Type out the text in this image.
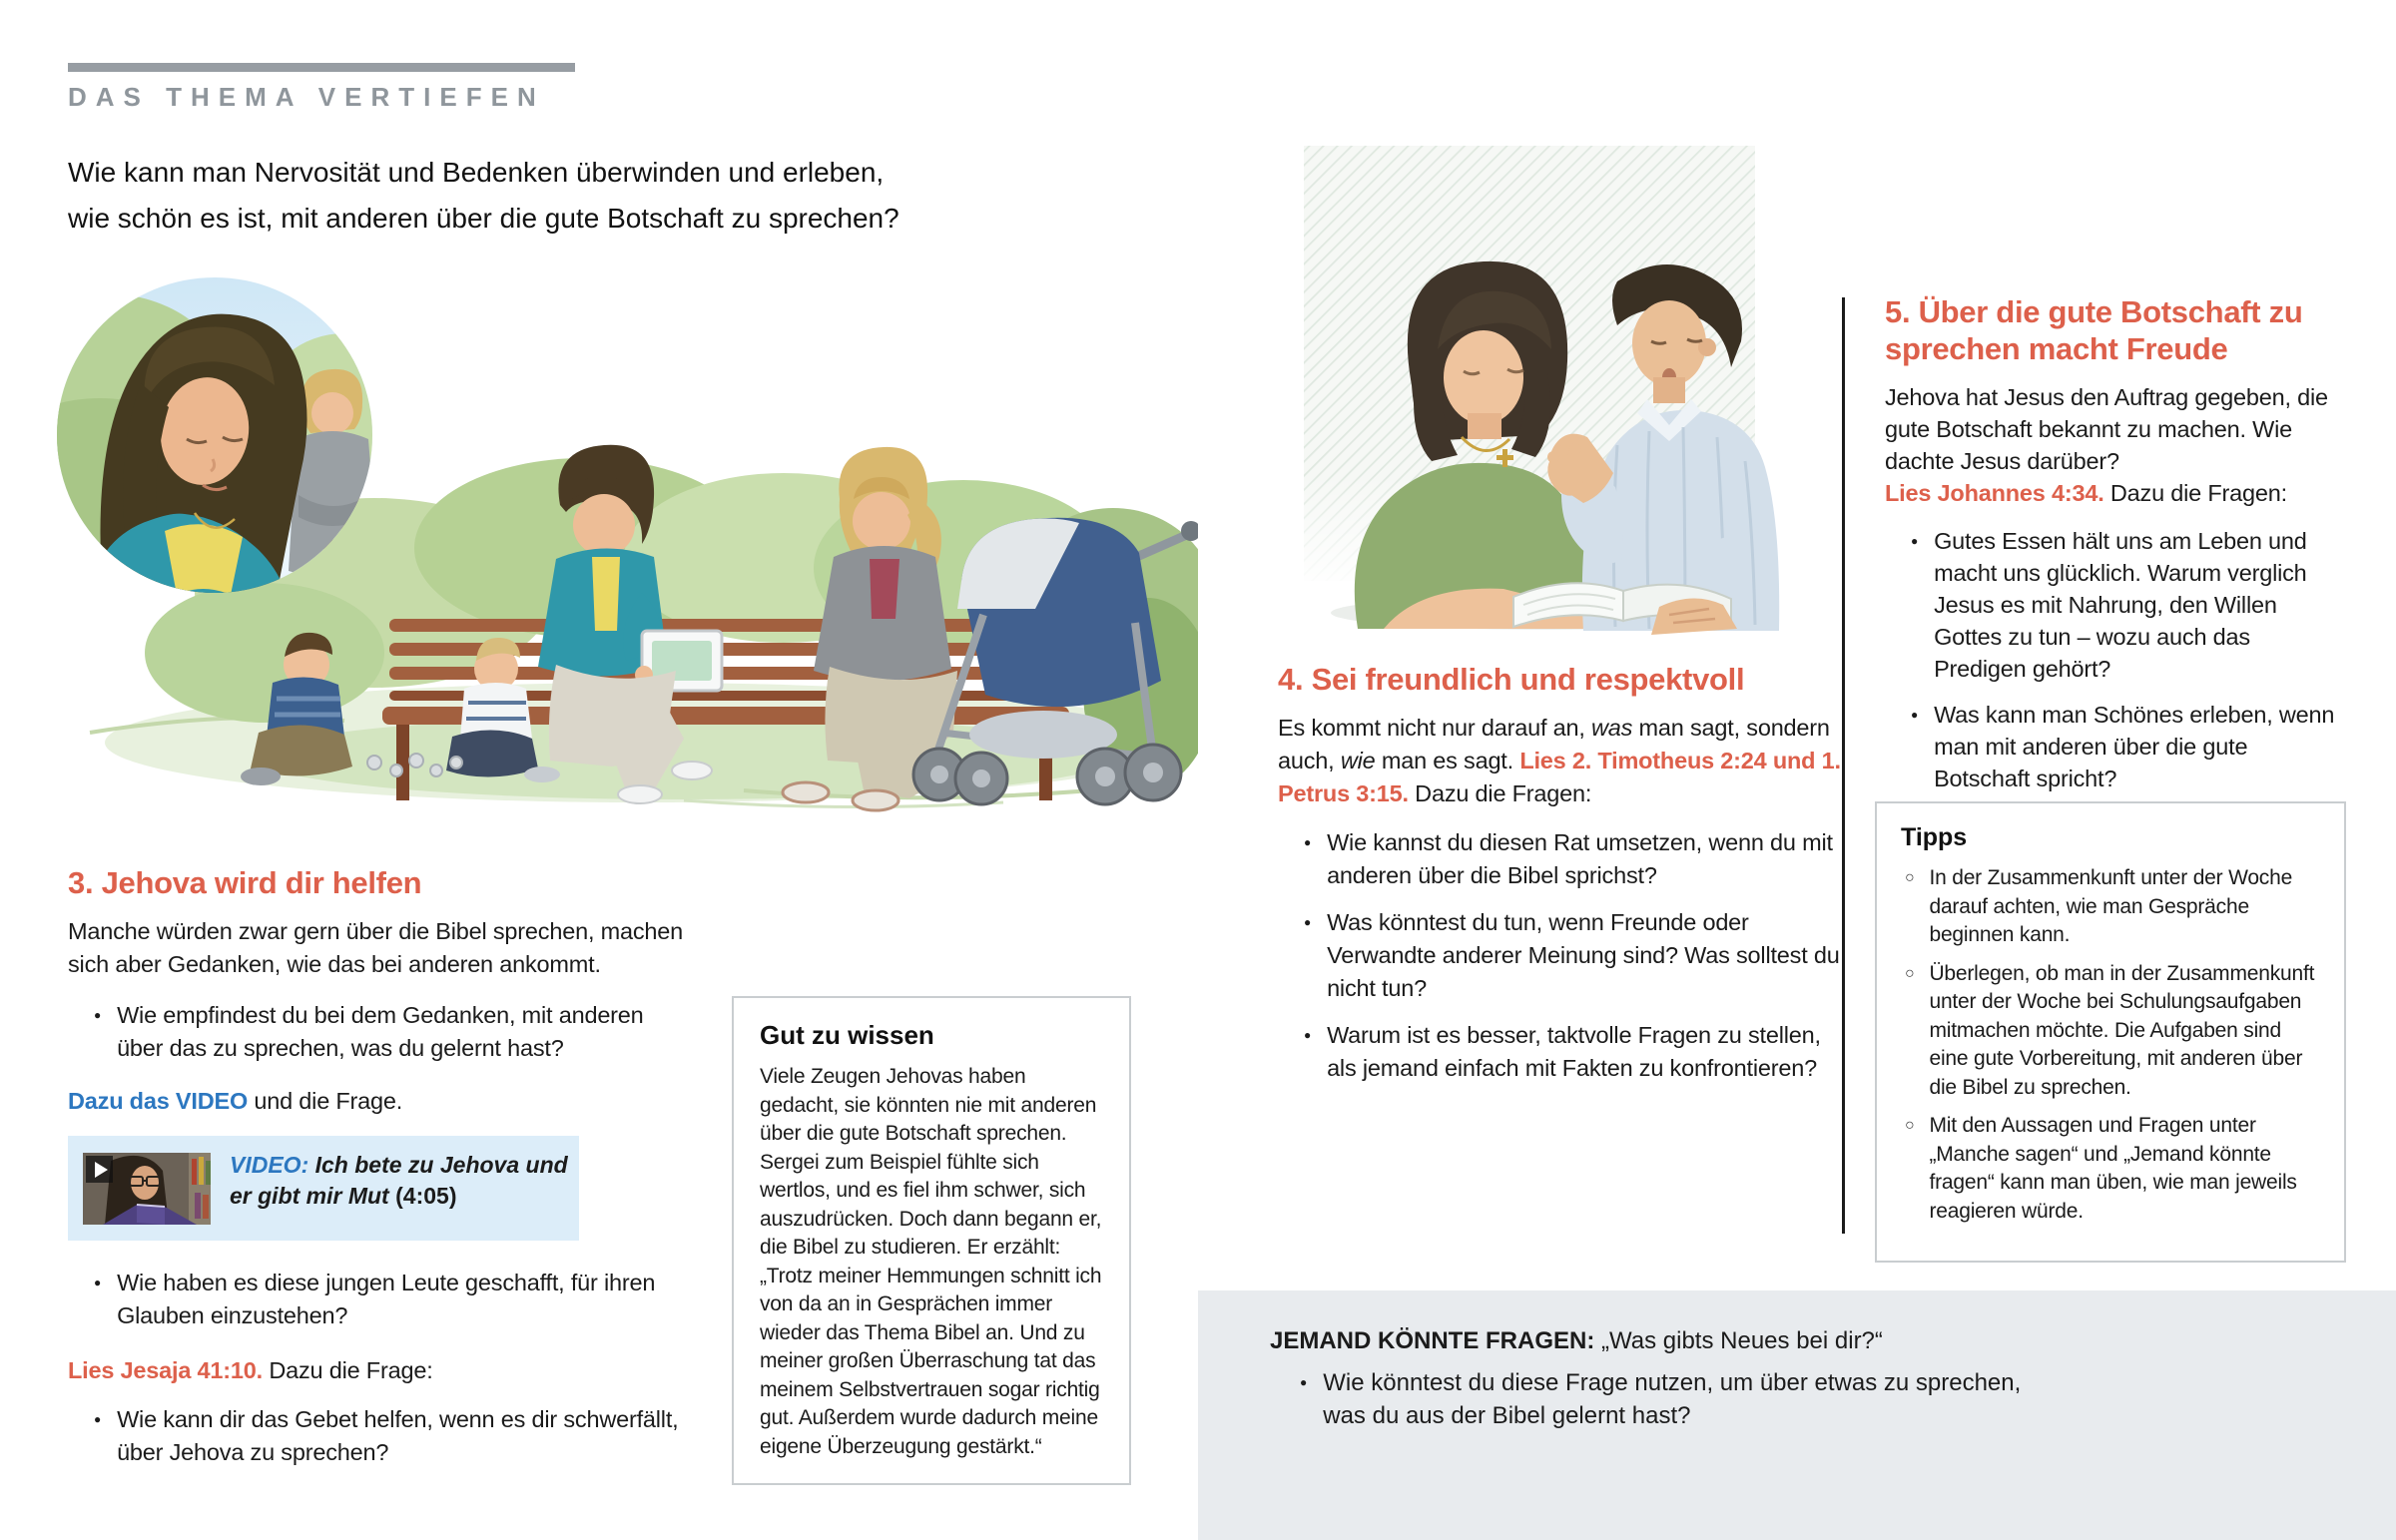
DAS THEMA VERTIEFEN
Wie kann man Nervosität und Bedenken überwinden und erleben,
wie schön es ist, mit anderen über die gute Botschaft zu sprechen?
3. Jehova wird dir helfen

Manche würden zwar gern über die Bibel sprechen, machen sich aber Gedanken, wie das bei anderen ankommt.

● Wie empfindest du bei dem Gedanken, mit anderen über das zu sprechen, was du gelernt hast?

Dazu das VIDEO und die Frage.

VIDEO: Ich bete zu Jehova und er gibt mir Mut (4:05)
● Wie haben es diese jungen Leute geschafft, für ihren Glauben einzustehen?

Lies Jesaja 41:10. Dazu die Frage:

● Wie kann dir das Gebet helfen, wenn es dir schwerfällt, über Jehova zu sprechen?
Gut zu wissen
Viele Zeugen Jehovas haben gedacht, sie könnten nie mit anderen über die gute Botschaft sprechen. Sergei zum Beispiel fühlte sich wertlos, und es fiel ihm schwer, sich auszudrücken. Doch dann begann er, die Bibel zu studieren. Er erzählt: „Trotz meiner Hemmungen schnitt ich von da an in Gesprächen immer wieder das Thema Bibel an. Und zu meiner großen Überraschung tat das meinem Selbstvertrauen sogar richtig gut. Außerdem wurde dadurch meine eigene Überzeugung gestärkt.“
4. Sei freundlich und respektvoll

Es kommt nicht nur darauf an, was man sagt, sondern auch, wie man es sagt. Lies 2. Timotheus 2:24 und 1. Petrus 3:15. Dazu die Fragen:

● Wie kannst du diesen Rat umsetzen, wenn du mit anderen über die Bibel sprichst?
● Was könntest du tun, wenn Freunde oder Verwandte anderer Meinung sind? Was solltest du nicht tun?
● Warum ist es besser, taktvolle Fragen zu stellen, als jemand einfach mit Fakten zu konfrontieren?
5. Über die gute Botschaft zu sprechen macht Freude

Jehova hat Jesus den Auftrag gegeben, die gute Botschaft bekannt zu machen. Wie dachte Jesus darüber?
Lies Johannes 4:34. Dazu die Fragen:

● Gutes Essen hält uns am Leben und macht uns glücklich. Warum verglich Jesus es mit Nahrung, den Willen Gottes zu tun – wozu auch das Predigen gehört?
● Was kann man Schönes erleben, wenn man mit anderen über die gute Botschaft spricht?
Tipps
○ In der Zusammenkunft unter der Woche darauf achten, wie man Gespräche beginnen kann.
○ Überlegen, ob man in der Zusammenkunft unter der Woche bei Schulungsaufgaben mitmachen möchte. Die Aufgaben sind eine gute Vorbereitung, mit anderen über die Bibel zu sprechen.
○ Mit den Aussagen und Fragen unter „Manche sagen“ und „Jemand könnte fragen“ kann man üben, wie man jeweils reagieren würde.
JEMAND KÖNNTE FRAGEN: „Was gibts Neues bei dir?“
● Wie könntest du diese Frage nutzen, um über etwas zu sprechen, was du aus der Bibel gelernt hast?
